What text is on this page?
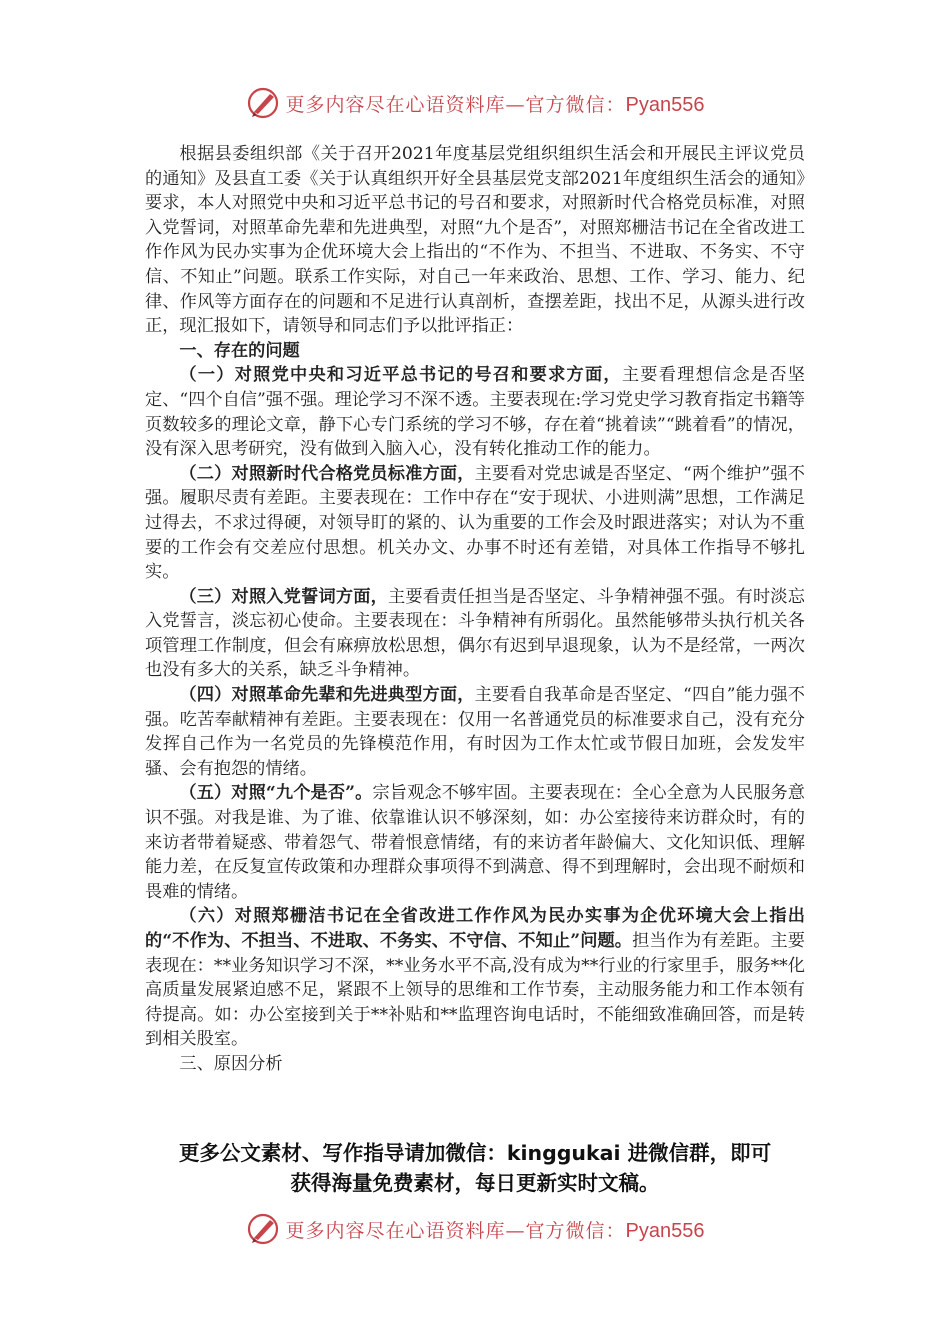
更多内容尽在心语资料库—官方微信：Pyan556

根据县委组织部《关于召开2021年度基层党组织组织生活会和开展民主评议党员的通知》及县直工委《关于认真组织开好全县基层党支部2021年度组织生活会的通知》要求，本人对照党中央和习近平总书记的号召和要求，对照新时代合格党员标准，对照入党誓词，对照革命先辈和先进典型，对照“九个是否”，对照郑栅洁书记在全省改进工作作风为民办实事为企优环境大会上指出的“不作为、不担当、不进取、不务实、不守信、不知止”问题。联系工作实际，对自己一年来政治、思想、工作、学习、能力、纪律、作风等方面存在的问题和不足进行认真剖析，查摆差距，找出不足，从源头进行改正，现汇报如下，请领导和同志们予以批评指正：

一、存在的问题

（一）对照党中央和习近平总书记的号召和要求方面，主要看理想信念是否坚定、“四个自信”强不强。理论学习不深不透。主要表现在:学习党史学习教育指定书籍等页数较多的理论文章，静下心专门系统的学习不够，存在着“挑着读”“跳着看”的情况，没有深入思考研究，没有做到入脑入心，没有转化推动工作的能力。

（二）对照新时代合格党员标准方面，主要看对党忠诚是否坚定、“两个维护”强不强。履职尽责有差距。主要表现在：工作中存在“安于现状、小进则满”思想，工作满足过得去，不求过得硬，对领导盯的紧的、认为重要的工作会及时跟进落实；对认为不重要的工作会有交差应付思想。机关办文、办事不时还有差错，对具体工作指导不够扎实。

（三）对照入党誓词方面，主要看责任担当是否坚定、斗争精神强不强。有时淡忘入党誓言，淡忘初心使命。主要表现在：斗争精神有所弱化。虽然能够带头执行机关各项管理工作制度，但会有麻痹放松思想，偶尔有迟到早退现象，认为不是经常，一两次也没有多大的关系，缺乏斗争精神。

（四）对照革命先辈和先进典型方面，主要看自我革命是否坚定、“四自”能力强不强。吃苦奉献精神有差距。主要表现在：仅用一名普通党员的标准要求自己，没有充分发挥自己作为一名党员的先锋模范作用，有时因为工作太忙或节假日加班，会发发牢骚、会有抱怨的情绪。

（五）对照“九个是否”。宗旨观念不够牢固。主要表现在：全心全意为人民服务意识不强。对我是谁、为了谁、依靠谁认识不够深刻，如：办公室接待来访群众时，有的来访者带着疑惑、带着怨气、带着恨意情绪，有的来访者年龄偏大、文化知识低、理解能力差，在反复宣传政策和办理群众事项得不到满意、得不到理解时，会出现不耐烦和畏难的情绪。

（六）对照郑栅洁书记在全省改进工作作风为民办实事为企优环境大会上指出的“不作为、不担当、不进取、不务实、不守信、不知止”问题。担当作为有差距。主要表现在：**业务知识学习不深，**业务水平不高,没有成为**行业的行家里手，服务**化高质量发展紧迫感不足，紧跟不上领导的思维和工作节奏，主动服务能力和工作本领有待提高。如：办公室接到关于**补贴和**监理咨询电话时，不能细致准确回答，而是转到相关股室。

三、原因分析

更多公文素材、写作指导请加微信：kinggukai 进微信群，即可
获得海量免费素材，每日更新实时文稿。
更多内容尽在心语资料库—官方微信：Pyan556
